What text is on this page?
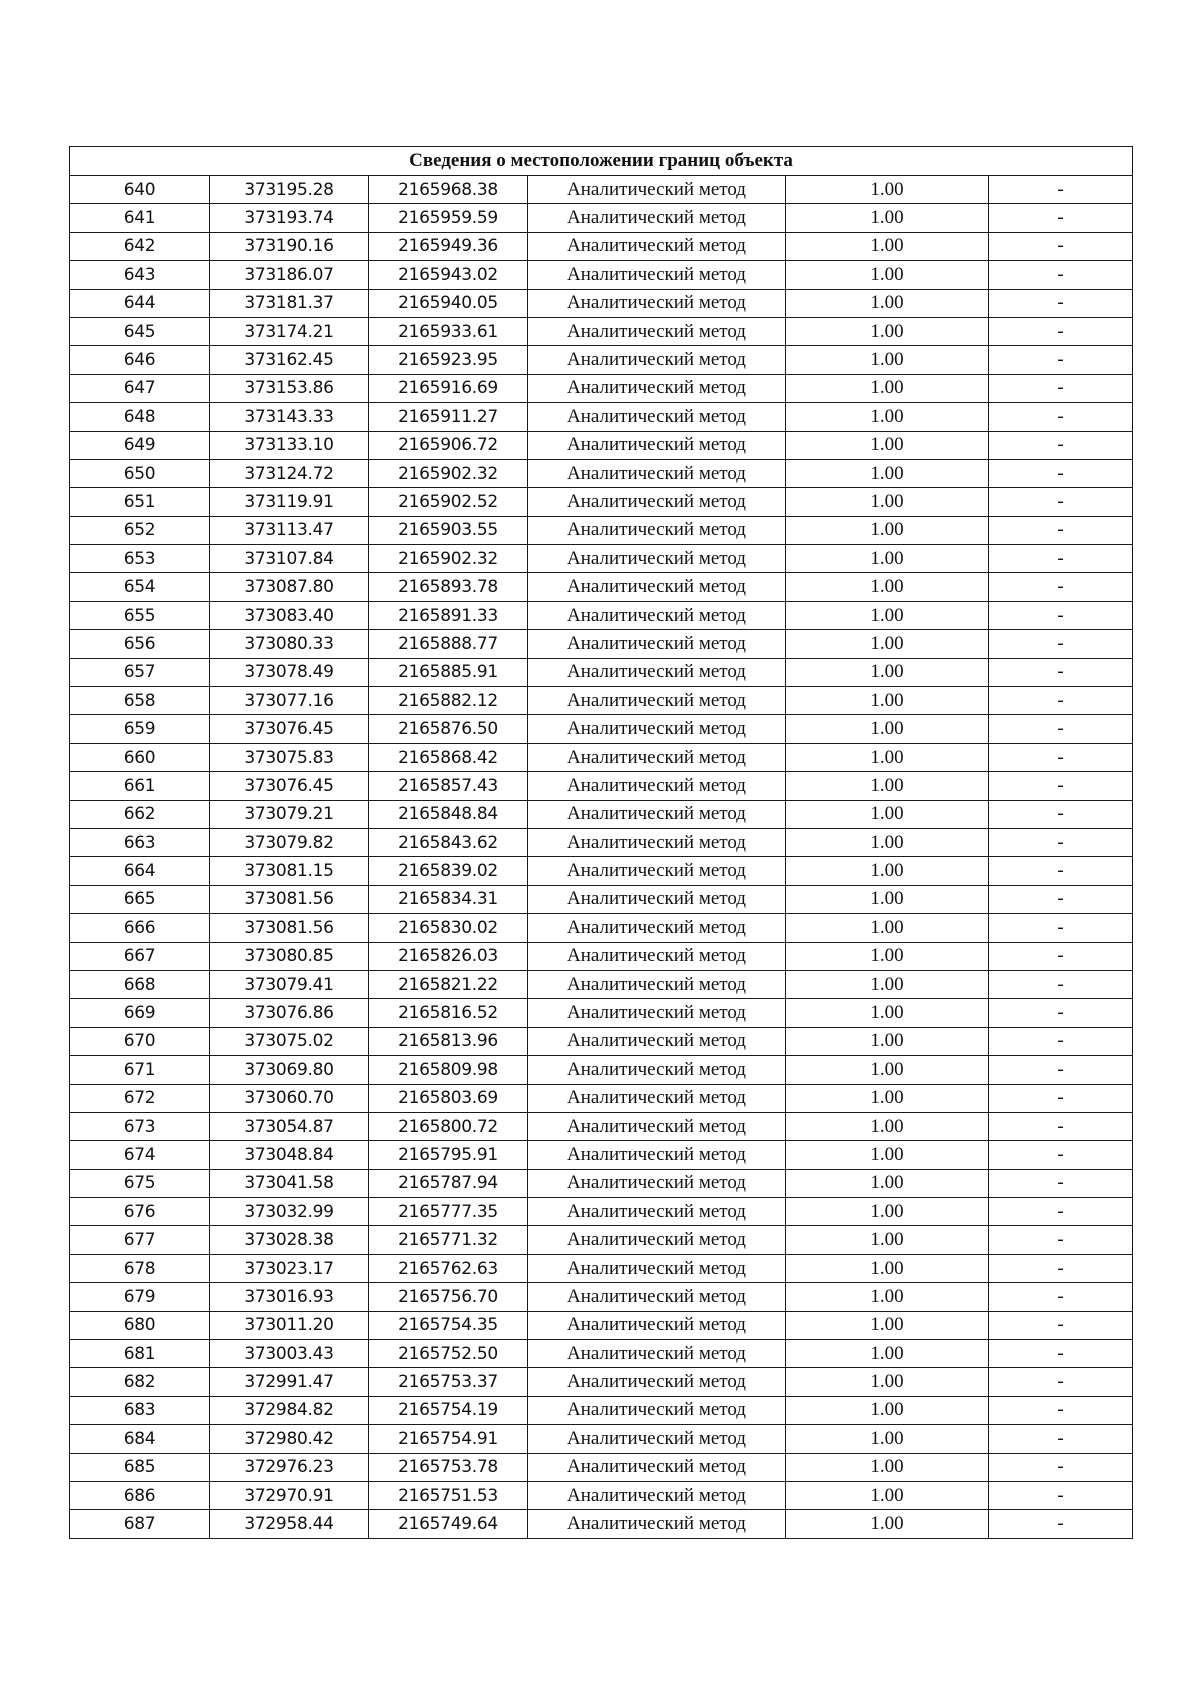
Сведения о местоположении границ объекта					
640	373195.28	2165968.38	Аналитический метод	1.00	-
641	373193.74	2165959.59	Аналитический метод	1.00	-
642	373190.16	2165949.36	Аналитический метод	1.00	-
643	373186.07	2165943.02	Аналитический метод	1.00	-
644	373181.37	2165940.05	Аналитический метод	1.00	-
645	373174.21	2165933.61	Аналитический метод	1.00	-
646	373162.45	2165923.95	Аналитический метод	1.00	-
647	373153.86	2165916.69	Аналитический метод	1.00	-
648	373143.33	2165911.27	Аналитический метод	1.00	-
649	373133.10	2165906.72	Аналитический метод	1.00	-
650	373124.72	2165902.32	Аналитический метод	1.00	-
651	373119.91	2165902.52	Аналитический метод	1.00	-
652	373113.47	2165903.55	Аналитический метод	1.00	-
653	373107.84	2165902.32	Аналитический метод	1.00	-
654	373087.80	2165893.78	Аналитический метод	1.00	-
655	373083.40	2165891.33	Аналитический метод	1.00	-
656	373080.33	2165888.77	Аналитический метод	1.00	-
657	373078.49	2165885.91	Аналитический метод	1.00	-
658	373077.16	2165882.12	Аналитический метод	1.00	-
659	373076.45	2165876.50	Аналитический метод	1.00	-
660	373075.83	2165868.42	Аналитический метод	1.00	-
661	373076.45	2165857.43	Аналитический метод	1.00	-
662	373079.21	2165848.84	Аналитический метод	1.00	-
663	373079.82	2165843.62	Аналитический метод	1.00	-
664	373081.15	2165839.02	Аналитический метод	1.00	-
665	373081.56	2165834.31	Аналитический метод	1.00	-
666	373081.56	2165830.02	Аналитический метод	1.00	-
667	373080.85	2165826.03	Аналитический метод	1.00	-
668	373079.41	2165821.22	Аналитический метод	1.00	-
669	373076.86	2165816.52	Аналитический метод	1.00	-
670	373075.02	2165813.96	Аналитический метод	1.00	-
671	373069.80	2165809.98	Аналитический метод	1.00	-
672	373060.70	2165803.69	Аналитический метод	1.00	-
673	373054.87	2165800.72	Аналитический метод	1.00	-
674	373048.84	2165795.91	Аналитический метод	1.00	-
675	373041.58	2165787.94	Аналитический метод	1.00	-
676	373032.99	2165777.35	Аналитический метод	1.00	-
677	373028.38	2165771.32	Аналитический метод	1.00	-
678	373023.17	2165762.63	Аналитический метод	1.00	-
679	373016.93	2165756.70	Аналитический метод	1.00	-
680	373011.20	2165754.35	Аналитический метод	1.00	-
681	373003.43	2165752.50	Аналитический метод	1.00	-
682	372991.47	2165753.37	Аналитический метод	1.00	-
683	372984.82	2165754.19	Аналитический метод	1.00	-
684	372980.42	2165754.91	Аналитический метод	1.00	-
685	372976.23	2165753.78	Аналитический метод	1.00	-
686	372970.91	2165751.53	Аналитический метод	1.00	-
687	372958.44	2165749.64	Аналитический метод	1.00	-
